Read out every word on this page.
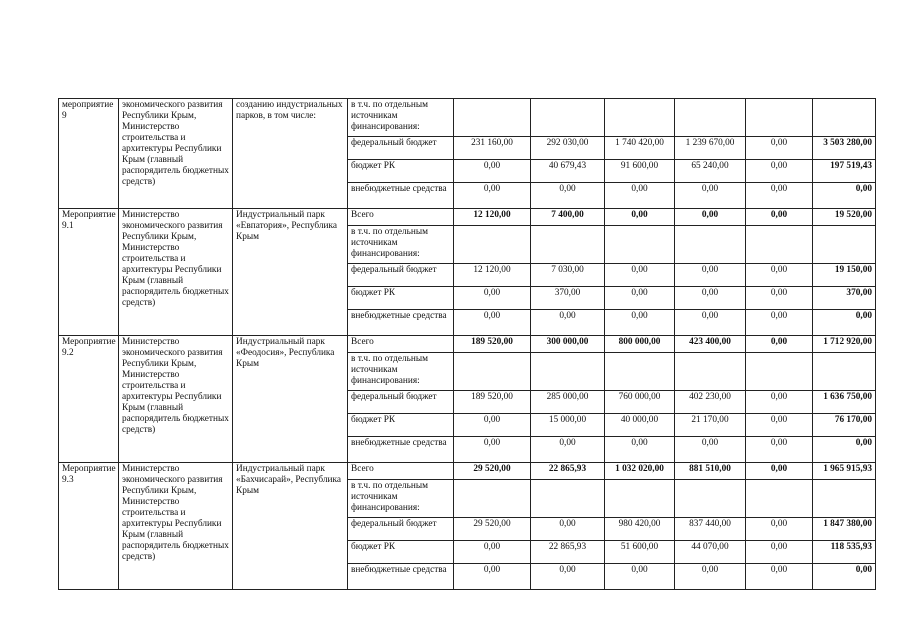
мероприятие 9	экономического развития Республики Крым, Министерство строительства и архитектуры Республики Крым (главный распорядитель бюджетных средств)	созданию индустриальных парков, в том числе:	в т.ч. по отдельным источникам финансирования:						
			федеральный бюджет	231 160,00	292 030,00	1 740 420,00	1 239 670,00	0,00	3 503 280,00
			бюджет РК	0,00	40 679,43	91 600,00	65 240,00	0,00	197 519,43
			внебюджетные средства	0,00	0,00	0,00	0,00	0,00	0,00
Мероприятие 9.1	Министерство экономического развития Республики Крым, Министерство строительства и архитектуры Республики Крым (главный распорядитель бюджетных средств)	Индустриальный парк «Евпатория», Республика Крым	Всего	12 120,00	7 400,00	0,00	0,00	0,00	19 520,00
			в т.ч. по отдельным источникам финансирования:						
			федеральный бюджет	12 120,00	7 030,00	0,00	0,00	0,00	19 150,00
			бюджет РК	0,00	370,00	0,00	0,00	0,00	370,00
			внебюджетные средства	0,00	0,00	0,00	0,00	0,00	0,00
Мероприятие 9.2	Министерство экономического развития Республики Крым, Министерство строительства и архитектуры Республики Крым (главный распорядитель бюджетных средств)	Индустриальный парк «Феодосия», Республика Крым	Всего	189 520,00	300 000,00	800 000,00	423 400,00	0,00	1 712 920,00
			в т.ч. по отдельным источникам финансирования:						
			федеральный бюджет	189 520,00	285 000,00	760 000,00	402 230,00	0,00	1 636 750,00
			бюджет РК	0,00	15 000,00	40 000,00	21 170,00	0,00	76 170,00
			внебюджетные средства	0,00	0,00	0,00	0,00	0,00	0,00
Мероприятие 9.3	Министерство экономического развития Республики Крым, Министерство строительства и архитектуры Республики Крым (главный распорядитель бюджетных средств)	Индустриальный парк «Бахчисарай», Республика Крым	Всего	29 520,00	22 865,93	1 032 020,00	881 510,00	0,00	1 965 915,93
			в т.ч. по отдельным источникам финансирования:						
			федеральный бюджет	29 520,00	0,00	980 420,00	837 440,00	0,00	1 847 380,00
			бюджет РК	0,00	22 865,93	51 600,00	44 070,00	0,00	118 535,93
			внебюджетные средства	0,00	0,00	0,00	0,00	0,00	0,00
'
